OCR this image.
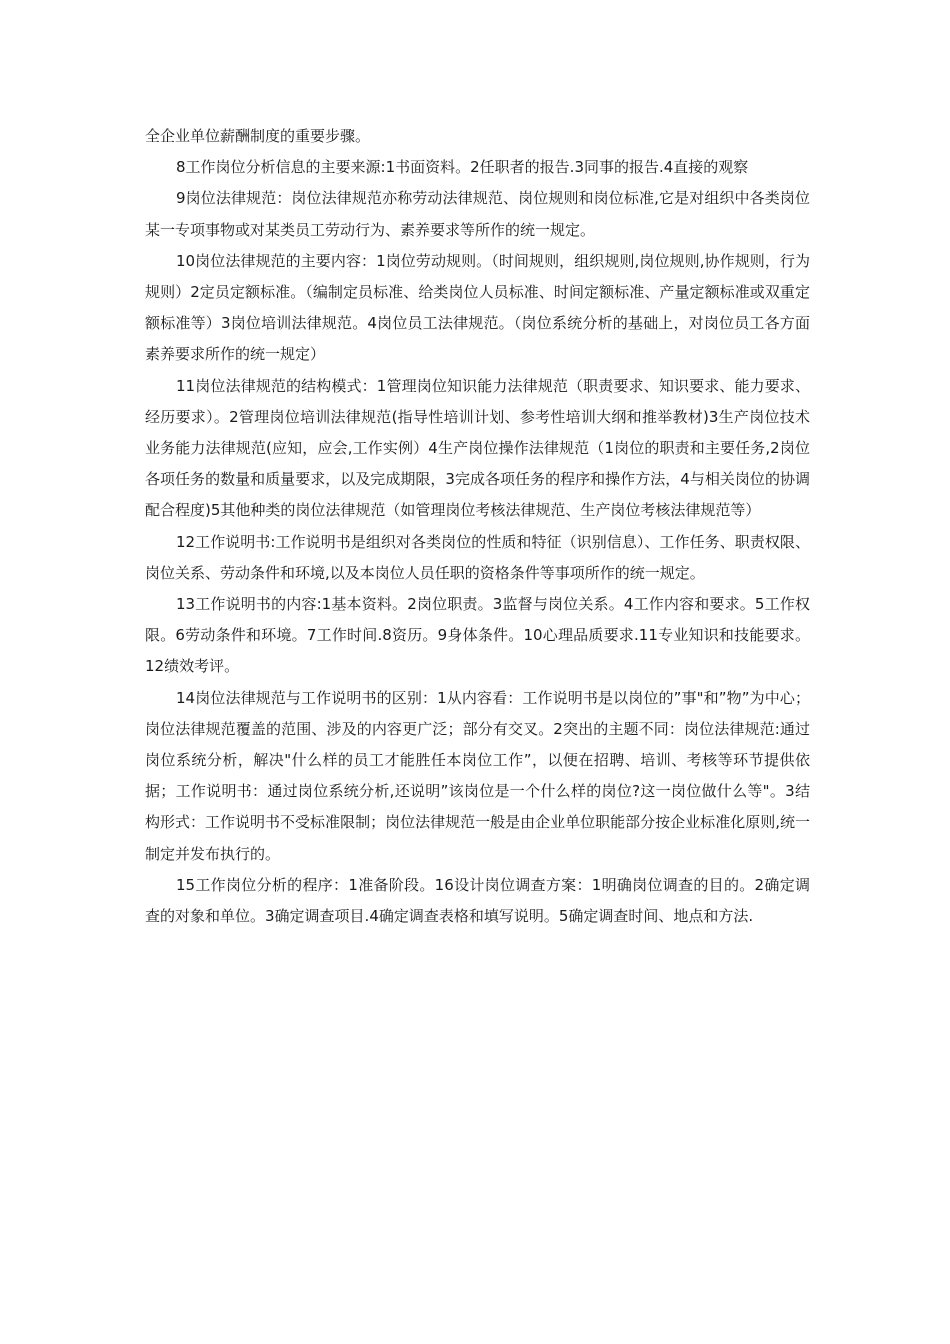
全企业单位薪酬制度的重要步骤。

8工作岗位分析信息的主要来源:1书面资料。2任职者的报告.3同事的报告.4直接的观察

9岗位法律规范：岗位法律规范亦称劳动法律规范、岗位规则和岗位标准,它是对组织中各类岗位某一专项事物或对某类员工劳动行为、素养要求等所作的统一规定。

10岗位法律规范的主要内容：1岗位劳动规则。（时间规则，组织规则,岗位规则,协作规则，行为规则）2定员定额标准。（编制定员标准、给类岗位人员标准、时间定额标准、产量定额标准或双重定额标准等）3岗位培训法律规范。4岗位员工法律规范。（岗位系统分析的基础上，对岗位员工各方面素养要求所作的统一规定）

11岗位法律规范的结构模式：1管理岗位知识能力法律规范（职责要求、知识要求、能力要求、经历要求）。2管理岗位培训法律规范(指导性培训计划、参考性培训大纲和推举教材)3生产岗位技术业务能力法律规范(应知，应会,工作实例）4生产岗位操作法律规范（1岗位的职责和主要任务,2岗位各项任务的数量和质量要求，以及完成期限，3完成各项任务的程序和操作方法，4与相关岗位的协调配合程度)5其他种类的岗位法律规范（如管理岗位考核法律规范、生产岗位考核法律规范等）

12工作说明书:工作说明书是组织对各类岗位的性质和特征（识别信息）、工作任务、职责权限、岗位关系、劳动条件和环境,以及本岗位人员任职的资格条件等事项所作的统一规定。

13工作说明书的内容:1基本资料。2岗位职责。3监督与岗位关系。4工作内容和要求。5工作权限。6劳动条件和环境。7工作时间.8资历。9身体条件。10心理品质要求.11专业知识和技能要求。12绩效考评。

14岗位法律规范与工作说明书的区别：1从内容看：工作说明书是以岗位的”事"和”物”为中心；岗位法律规范覆盖的范围、涉及的内容更广泛；部分有交叉。2突出的主题不同：岗位法律规范:通过岗位系统分析，解决"什么样的员工才能胜任本岗位工作”，以便在招聘、培训、考核等环节提供依据；工作说明书：通过岗位系统分析,还说明”该岗位是一个什么样的岗位?这一岗位做什么等"。3结构形式：工作说明书不受标准限制；岗位法律规范一般是由企业单位职能部分按企业标准化原则,统一制定并发布执行的。

15工作岗位分析的程序：1准备阶段。16设计岗位调查方案：1明确岗位调查的目的。2确定调查的对象和单位。3确定调查项目.4确定调查表格和填写说明。5确定调查时间、地点和方法.
